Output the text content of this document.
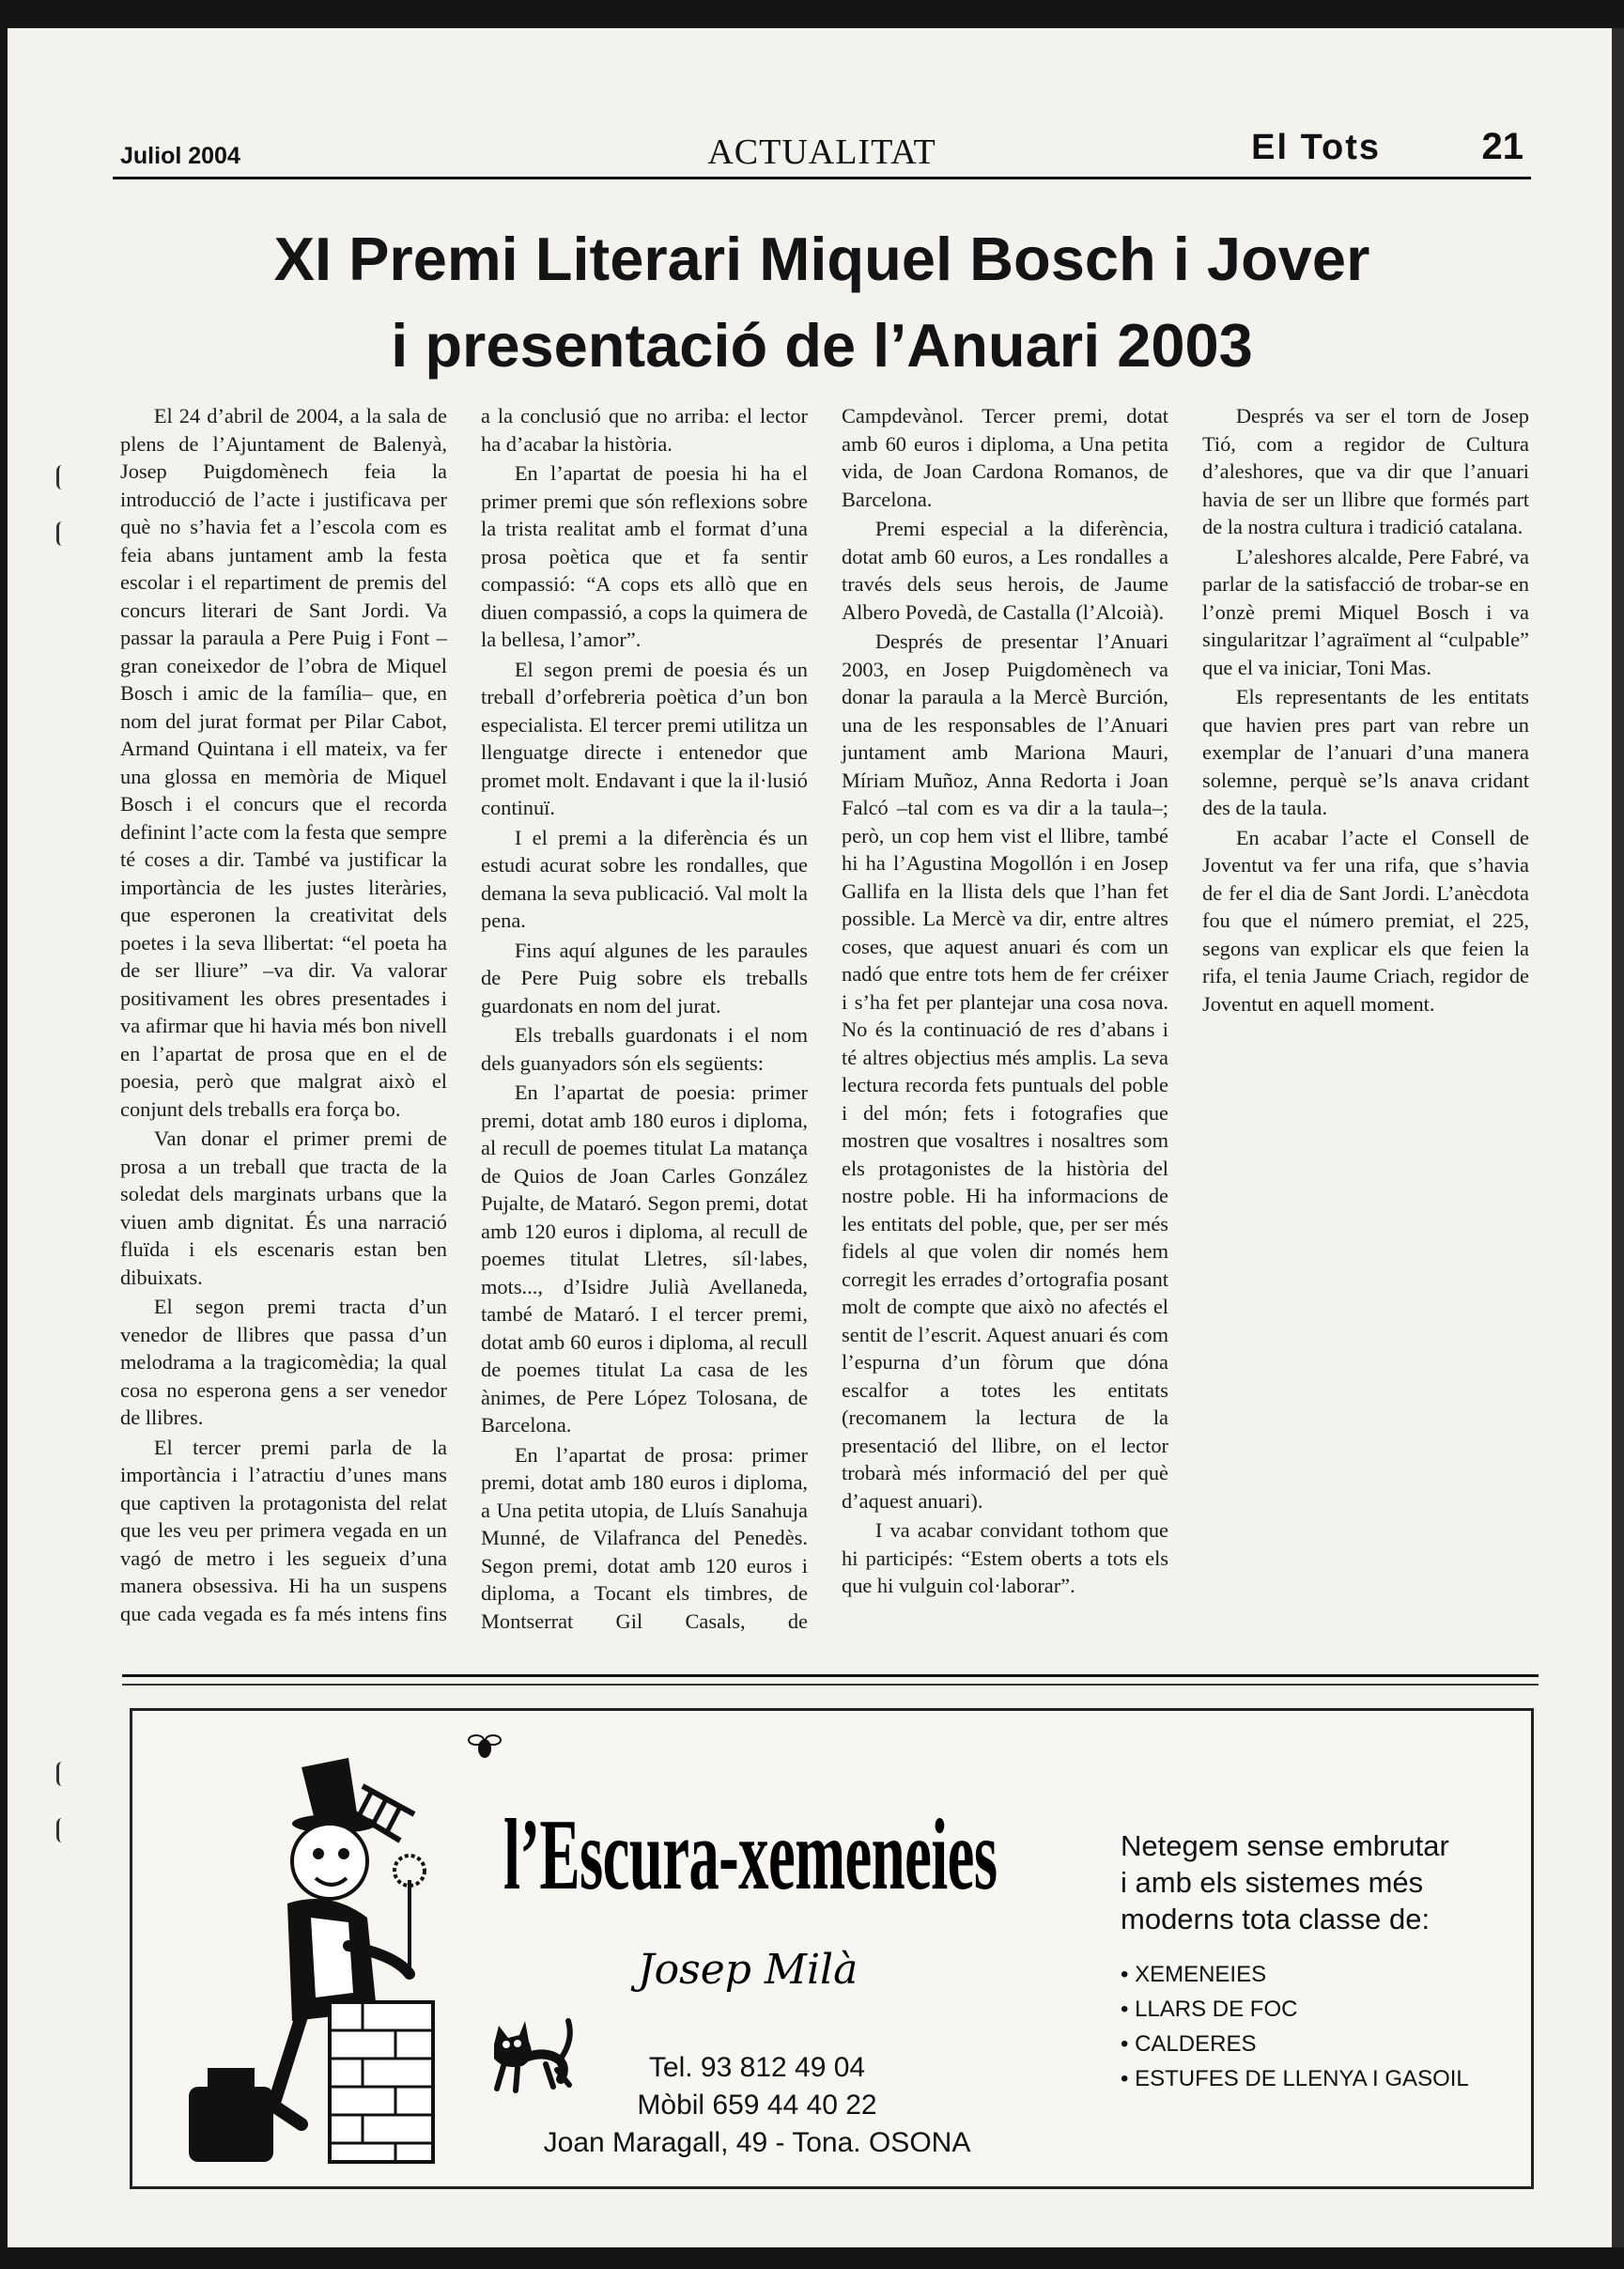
Juliol 2004	ACTUALITAT	El Tots	21
XI Premi Literari Miquel Bosch i Jover
i presentació de l’Anuari 2003

El 24 d’abril de 2004, a la sala de plens de l’Ajuntament de Balenyà, Josep Puigdomènech feia la introducció de l’acte i justificava per què no s’havia fet a l’escola com es feia abans juntament amb la festa escolar i el repartiment de premis del concurs literari de Sant Jordi. Va passar la paraula a Pere Puig i Font –gran coneixedor de l’obra de Miquel Bosch i amic de la família– que, en nom del jurat format per Pilar Cabot, Armand Quintana i ell mateix, va fer una glossa en memòria de Miquel Bosch i el concurs que el recorda definint l’acte com la festa que sempre té coses a dir. També va justificar la importància de les justes literàries, que esperonen la creativitat dels poetes i la seva llibertat: “el poeta ha de ser lliure” –va dir. Va valorar positivament les obres presentades i va afirmar que hi havia més bon nivell en l’apartat de prosa que en el de poesia, però que malgrat això el conjunt dels treballs era força bo.

Van donar el primer premi de prosa a un treball que tracta de la soledat dels marginats urbans que la viuen amb dignitat. És una narració fluïda i els escenaris estan ben dibuixats.

El segon premi tracta d’un venedor de llibres que passa d’un melodrama a la tragicomèdia; la qual cosa no esperona gens a ser venedor de llibres.

El tercer premi parla de la importància i l’atractiu d’unes mans que captiven la protagonista del relat que les veu per primera vegada en un vagó de metro i les segueix d’una manera obsessiva. Hi ha un suspens que cada vegada es fa més intens fins a la conclusió que no arriba: el lector ha d’acabar la història.

En l’apartat de poesia hi ha el primer premi que són reflexions sobre la trista realitat amb el format d’una prosa poètica que et fa sentir compassió: “A cops ets allò que en diuen compassió, a cops la quimera de la bellesa, l’amor”.

El segon premi de poesia és un treball d’orfebreria poètica d’un bon especialista. El tercer premi utilitza un llenguatge directe i entenedor que promet molt. Endavant i que la il·lusió continuï.

I el premi a la diferència és un estudi acurat sobre les rondalles, que demana la seva publicació. Val molt la pena.

Fins aquí algunes de les paraules de Pere Puig sobre els treballs guardonats en nom del jurat.

Els treballs guardonats i el nom dels guanyadors són els següents:

En l’apartat de poesia: primer premi, dotat amb 180 euros i diploma, al recull de poemes titulat La matança de Quios de Joan Carles González Pujalte, de Mataró. Segon premi, dotat amb 120 euros i diploma, al recull de poemes titulat Lletres, síl·labes, mots..., d’Isidre Julià Avellaneda, també de Mataró. I el tercer premi, dotat amb 60 euros i diploma, al recull de poemes titulat La casa de les ànimes, de Pere López Tolosana, de Barcelona.

En l’apartat de prosa: primer premi, dotat amb 180 euros i diploma, a Una petita utopia, de Lluís Sanahuja Munné, de Vilafranca del Penedès. Segon premi, dotat amb 120 euros i diploma, a Tocant els timbres, de Montserrat Gil Casals, de Campdevànol. Tercer premi, dotat amb 60 euros i diploma, a Una petita vida, de Joan Cardona Romanos, de Barcelona.

Premi especial a la diferència, dotat amb 60 euros, a Les rondalles a través dels seus herois, de Jaume Albero Povedà, de Castalla (l’Alcoià).

Després de presentar l’Anuari 2003, en Josep Puigdomènech va donar la paraula a la Mercè Burción, una de les responsables de l’Anuari juntament amb Mariona Mauri, Míriam Muñoz, Anna Redorta i Joan Falcó –tal com es va dir a la taula–; però, un cop hem vist el llibre, també hi ha l’Agustina Mogollón i en Josep Gallifa en la llista dels que l’han fet possible. La Mercè va dir, entre altres coses, que aquest anuari és com un nadó que entre tots hem de fer créixer i s’ha fet per plantejar una cosa nova. No és la continuació de res d’abans i té altres objectius més amplis. La seva lectura recorda fets puntuals del poble i del món; fets i fotografies que mostren que vosaltres i nosaltres som els protagonistes de la història del nostre poble. Hi ha informacions de les entitats del poble, que, per ser més fidels al que volen dir només hem corregit les errades d’ortografia posant molt de compte que això no afectés el sentit de l’escrit. Aquest anuari és com l’espurna d’un fòrum que dóna escalfor a totes les entitats (recomanem la lectura de la presentació del llibre, on el lector trobarà més informació del per què d’aquest anuari).

I va acabar convidant tothom que hi participés: “Estem oberts a tots els que hi vulguin col·laborar”.

Després va ser el torn de Josep Tió, com a regidor de Cultura d’aleshores, que va dir que l’anuari havia de ser un llibre que formés part de la nostra cultura i tradició catalana.

L’aleshores alcalde, Pere Fabré, va parlar de la satisfacció de trobar-se en l’onzè premi Miquel Bosch i va singularitzar l’agraïment al “culpable” que el va iniciar, Toni Mas.

Els representants de les entitats que havien pres part van rebre un exemplar de l’anuari d’una manera solemne, perquè se’ls anava cridant des de la taula.

En acabar l’acte el Consell de Joventut va fer una rifa, que s’havia de fer el dia de Sant Jordi. L’anècdota fou que el número premiat, el 225, segons van explicar els que feien la rifa, el tenia Jaume Criach, regidor de Joventut en aquell moment.

l’Escura-xemeneies
Josep Milà
Tel. 93 812 49 04
Mòbil 659 44 40 22
Joan Maragall, 49 - Tona. OSONA
Netegem sense embrutar
i amb els sistemes més
moderns tota classe de:
• XEMENEIES
• LLARS DE FOC
• CALDERES
• ESTUFES DE LLENYA I GASOIL
